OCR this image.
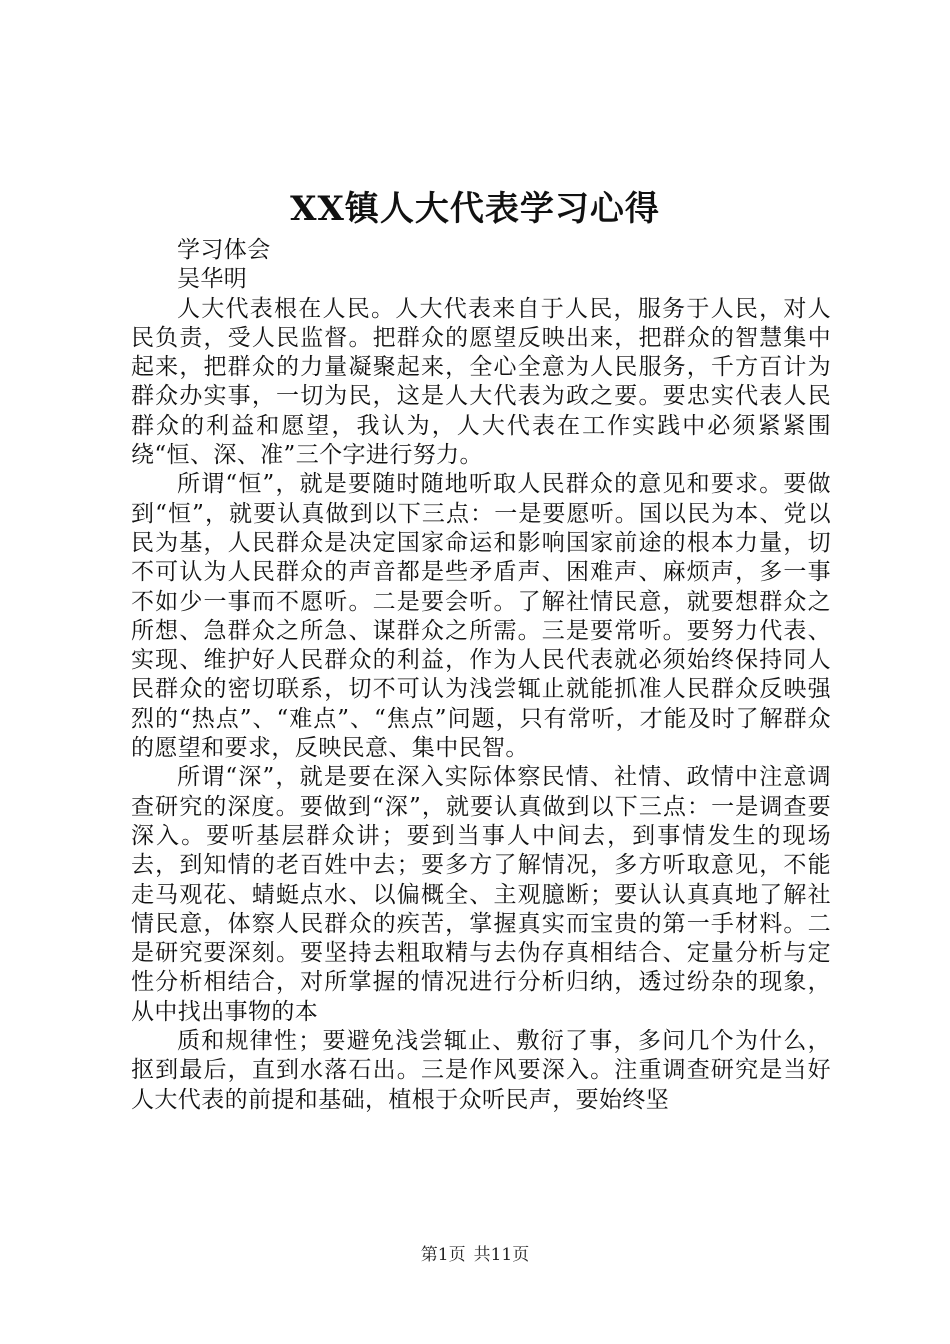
XX镇人大代表学习心得

学习体会

吴华明

人大代表根在人民。人大代表来自于人民，服务于人民，对人民负责，受人民监督。把群众的愿望反映出来，把群众的智慧集中起来，把群众的力量凝聚起来，全心全意为人民服务，千方百计为群众办实事，一切为民，这是人大代表为政之要。要忠实代表人民群众的利益和愿望，我认为，人大代表在工作实践中必须紧紧围绕“恒、深、准”三个字进行努力。

所谓“恒”，就是要随时随地听取人民群众的意见和要求。要做到“恒”，就要认真做到以下三点：一是要愿听。国以民为本、党以民为基，人民群众是决定国家命运和影响国家前途的根本力量，切不可认为人民群众的声音都是些矛盾声、困难声、麻烦声，多一事不如少一事而不愿听。二是要会听。了解社情民意，就要想群众之所想、急群众之所急、谋群众之所需。三是要常听。要努力代表、实现、维护好人民群众的利益，作为人民代表就必须始终保持同人民群众的密切联系，切不可认为浅尝辄止就能抓准人民群众反映强烈的“热点”、“难点”、“焦点”问题，只有常听，才能及时了解群众的愿望和要求，反映民意、集中民智。

所谓“深”，就是要在深入实际体察民情、社情、政情中注意调查研究的深度。要做到“深”，就要认真做到以下三点：一是调查要深入。要听基层群众讲；要到当事人中间去，到事情发生的现场去，到知情的老百姓中去；要多方了解情况，多方听取意见，不能走马观花、蜻蜓点水、以偏概全、主观臆断；要认认真真地了解社情民意，体察人民群众的疾苦，掌握真实而宝贵的第一手材料。二是研究要深刻。要坚持去粗取精与去伪存真相结合、定量分析与定性分析相结合，对所掌握的情况进行分析归纳，透过纷杂的现象，从中找出事物的本

质和规律性；要避免浅尝辄止、敷衍了事，多问几个为什么，抠到最后，直到水落石出。三是作风要深入。注重调查研究是当好人大代表的前提和基础，植根于众听民声，要始终坚

第1页 共11页
